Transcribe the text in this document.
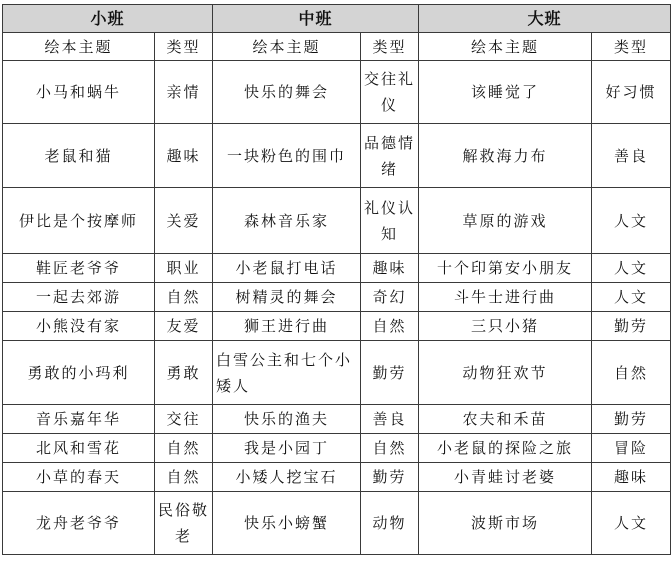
小班		中班		大班	
绘本主题	类型	绘本主题	类型	绘本主题	类型
小马和蜗牛	亲情	快乐的舞会	交往礼仪	该睡觉了	好习惯
老鼠和猫	趣味	一块粉色的围巾	品德情绪	解救海力布	善良
伊比是个按摩师	关爱	森林音乐家	礼仪认知	草原的游戏	人文
鞋匠老爷爷	职业	小老鼠打电话	趣味	十个印第安小朋友	人文
一起去郊游	自然	树精灵的舞会	奇幻	斗牛士进行曲	人文
小熊没有家	友爱	狮王进行曲	自然	三只小猪	勤劳
勇敢的小玛利	勇敢	白雪公主和七个小矮人	勤劳	动物狂欢节	自然
音乐嘉年华	交往	快乐的渔夫	善良	农夫和禾苗	勤劳
北风和雪花	自然	我是小园丁	自然	小老鼠的探险之旅	冒险
小草的春天	自然	小矮人挖宝石	勤劳	小青蛙讨老婆	趣味
龙舟老爷爷	民俗敬老	快乐小螃蟹	动物	波斯市场	人文
